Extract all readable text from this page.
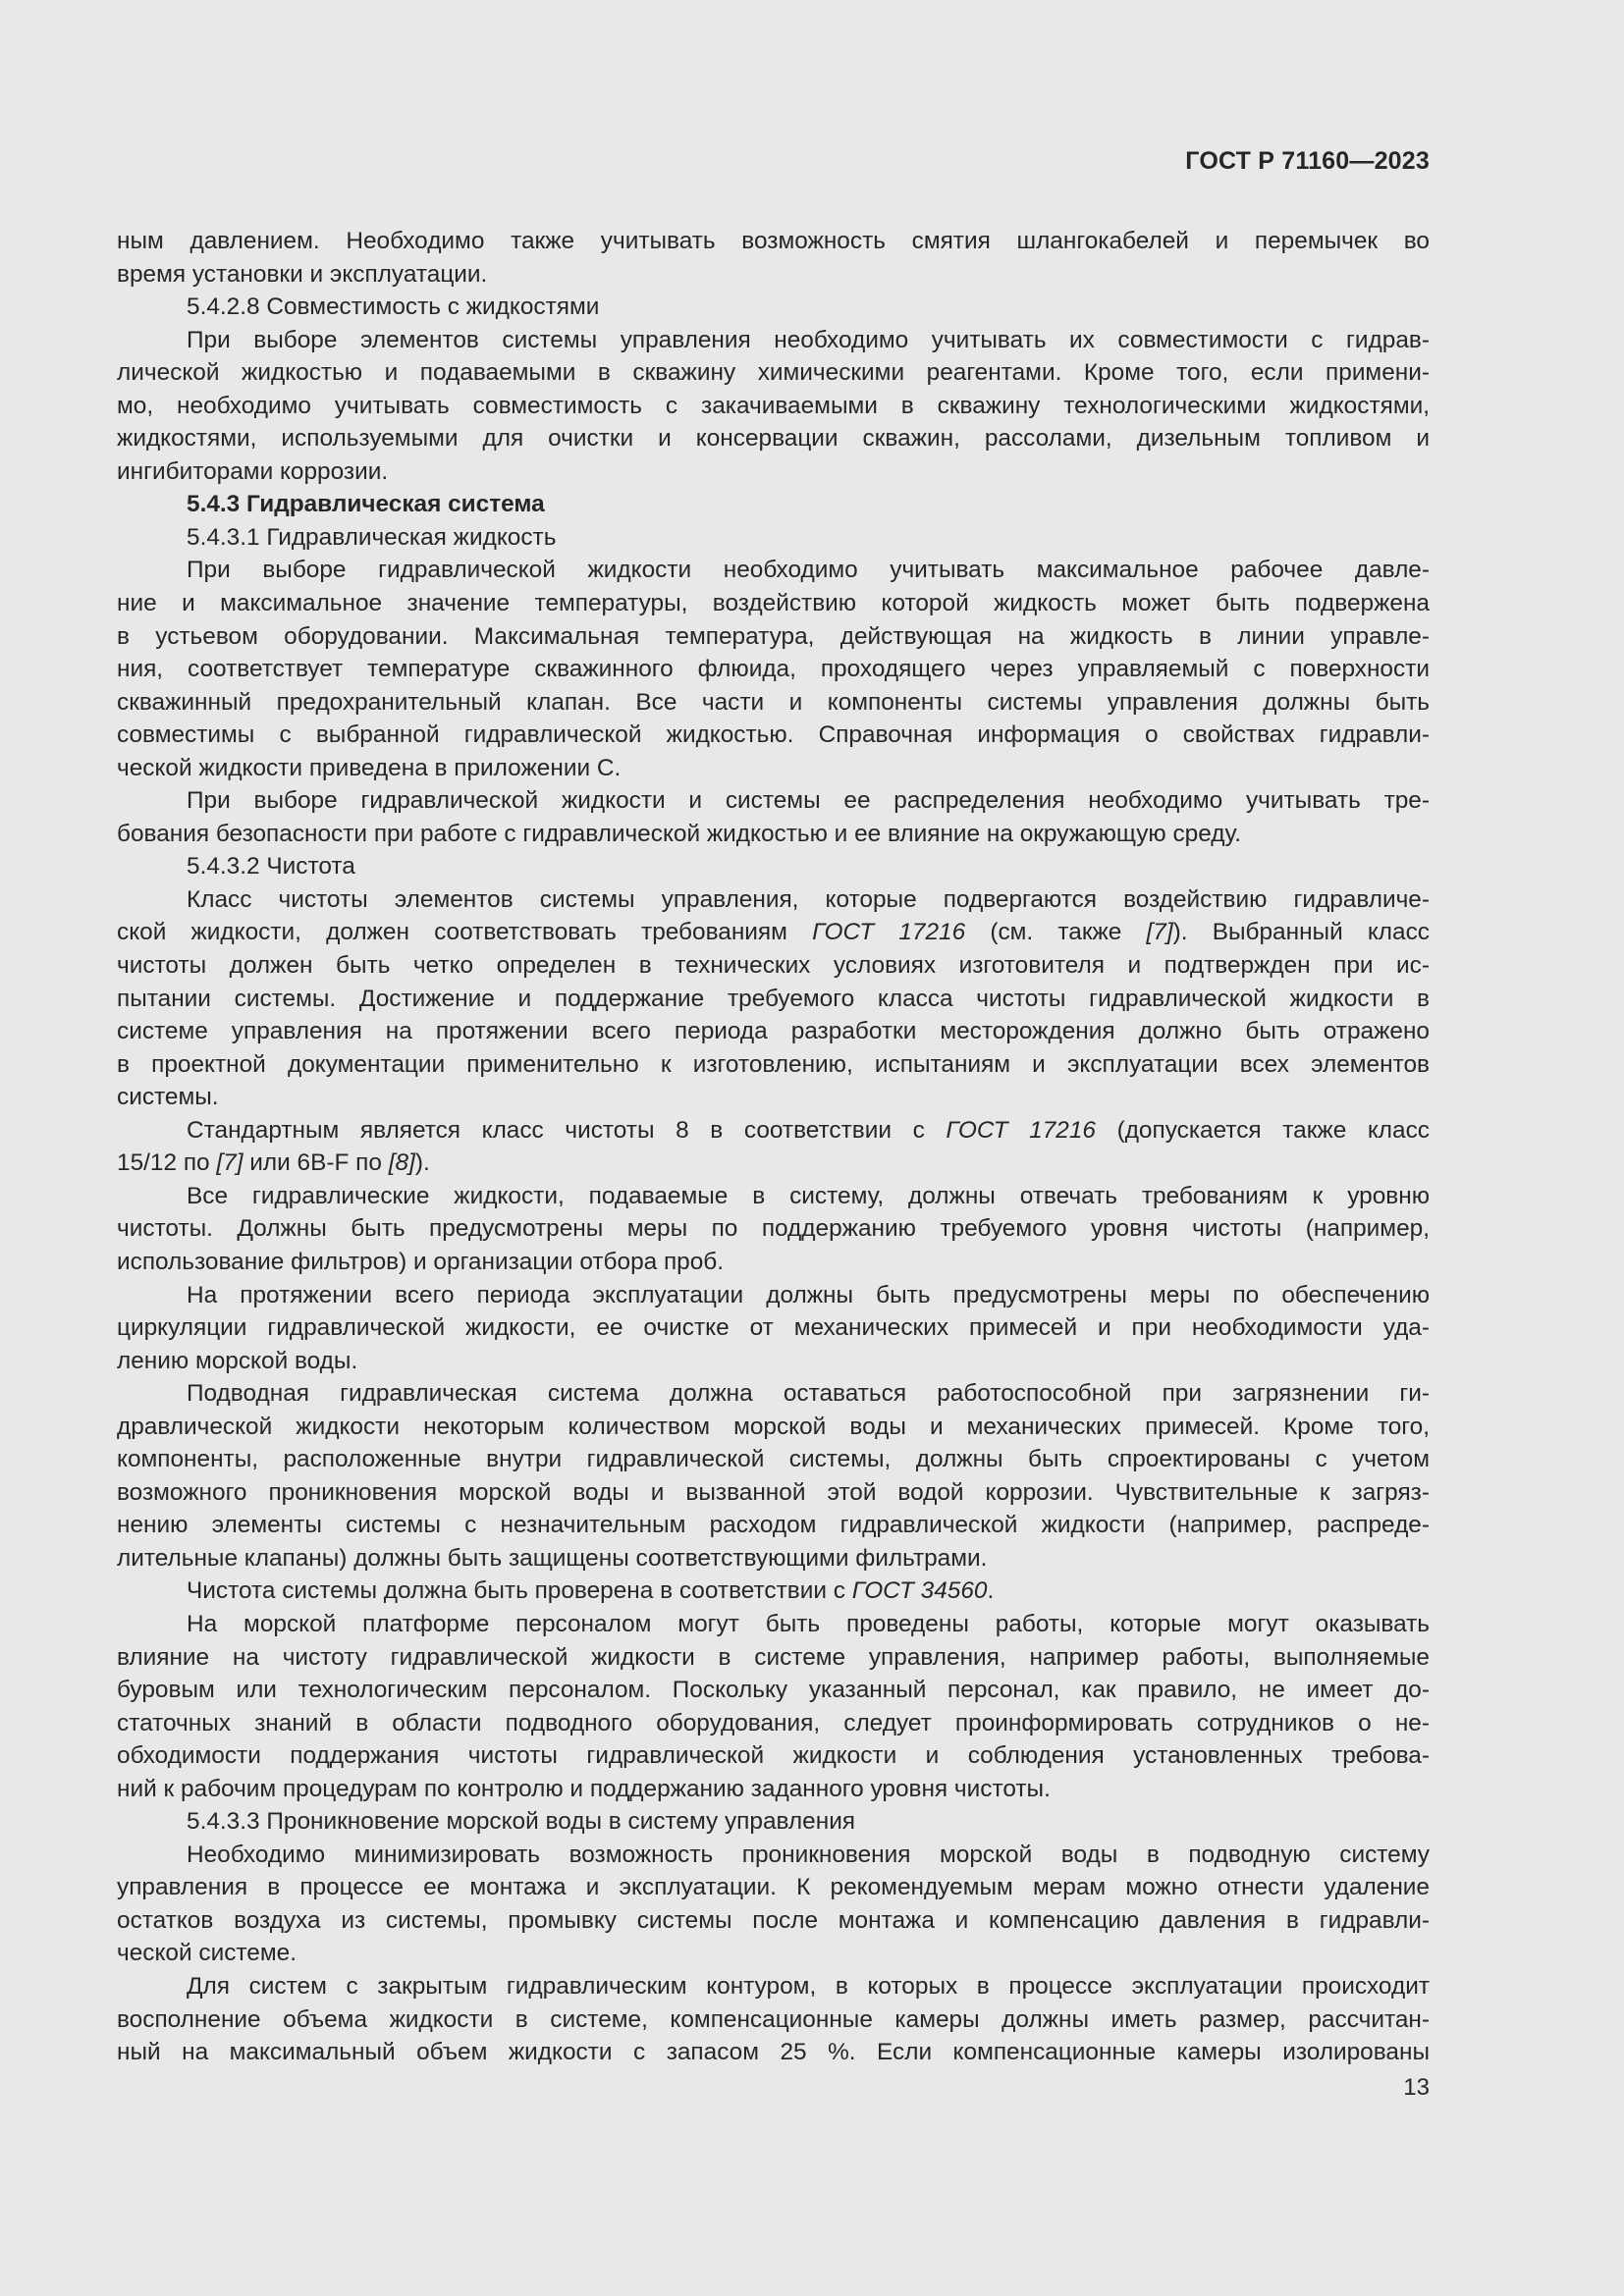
ГОСТ Р 71160—2023

ным давлением. Необходимо также учитывать возможность смятия шлангокабелей и перемычек во

время установки и эксплуатации.

5.4.2.8 Совместимость с жидкостями

При выборе элементов системы управления необходимо учитывать их совместимости с гидрав-

лической жидкостью и подаваемыми в скважину химическими реагентами. Кроме того, если примени-

мо, необходимо учитывать совместимость с закачиваемыми в скважину технологическими жидкостями,

жидкостями, используемыми для очистки и консервации скважин, рассолами, дизельным топливом и

ингибиторами коррозии.

5.4.3 Гидравлическая система

5.4.3.1 Гидравлическая жидкость

При выборе гидравлической жидкости необходимо учитывать максимальное рабочее давле-

ние и максимальное значение температуры, воздействию которой жидкость может быть подвержена

в устьевом оборудовании. Максимальная температура, действующая на жидкость в линии управле-

ния, соответствует температуре скважинного флюида, проходящего через управляемый с поверхности

скважинный предохранительный клапан. Все части и компоненты системы управления должны быть

совместимы с выбранной гидравлической жидкостью. Справочная информация о свойствах гидравли-

ческой жидкости приведена в приложении С.

При выборе гидравлической жидкости и системы ее распределения необходимо учитывать тре-

бования безопасности при работе с гидравлической жидкостью и ее влияние на окружающую среду.

5.4.3.2 Чистота

Класс чистоты элементов системы управления, которые подвергаются воздействию гидравличе-

ской жидкости, должен соответствовать требованиям ГОСТ 17216 (см. также [7]). Выбранный класс

чистоты должен быть четко определен в технических условиях изготовителя и подтвержден при ис-

пытании системы. Достижение и поддержание требуемого класса чистоты гидравлической жидкости в

системе управления на протяжении всего периода разработки месторождения должно быть отражено

в проектной документации применительно к изготовлению, испытаниям и эксплуатации всех элементов

системы.

Стандартным является класс чистоты 8 в соответствии с ГОСТ 17216 (допускается также класс

15/12 по [7] или 6B-F по [8]).

Все гидравлические жидкости, подаваемые в систему, должны отвечать требованиям к уровню

чистоты. Должны быть предусмотрены меры по поддержанию требуемого уровня чистоты (например,

использование фильтров) и организации отбора проб.

На протяжении всего периода эксплуатации должны быть предусмотрены меры по обеспечению

циркуляции гидравлической жидкости, ее очистке от механических примесей и при необходимости уда-

лению морской воды.

Подводная гидравлическая система должна оставаться работоспособной при загрязнении ги-

дравлической жидкости некоторым количеством морской воды и механических примесей. Кроме того,

компоненты, расположенные внутри гидравлической системы, должны быть спроектированы с учетом

возможного проникновения морской воды и вызванной этой водой коррозии. Чувствительные к загряз-

нению элементы системы с незначительным расходом гидравлической жидкости (например, распреде-

лительные клапаны) должны быть защищены соответствующими фильтрами.

Чистота системы должна быть проверена в соответствии с ГОСТ 34560.

На морской платформе персоналом могут быть проведены работы, которые могут оказывать

влияние на чистоту гидравлической жидкости в системе управления, например работы, выполняемые

буровым или технологическим персоналом. Поскольку указанный персонал, как правило, не имеет до-

статочных знаний в области подводного оборудования, следует проинформировать сотрудников о не-

обходимости поддержания чистоты гидравлической жидкости и соблюдения установленных требова-

ний к рабочим процедурам по контролю и поддержанию заданного уровня чистоты.

5.4.3.3 Проникновение морской воды в систему управления

Необходимо минимизировать возможность проникновения морской воды в подводную систему

управления в процессе ее монтажа и эксплуатации. К рекомендуемым мерам можно отнести удаление

остатков воздуха из системы, промывку системы после монтажа и компенсацию давления в гидравли-

ческой системе.

Для систем с закрытым гидравлическим контуром, в которых в процессе эксплуатации происходит

восполнение объема жидкости в системе, компенсационные камеры должны иметь размер, рассчитан-

ный на максимальный объем жидкости с запасом 25 %. Если компенсационные камеры изолированы

13
